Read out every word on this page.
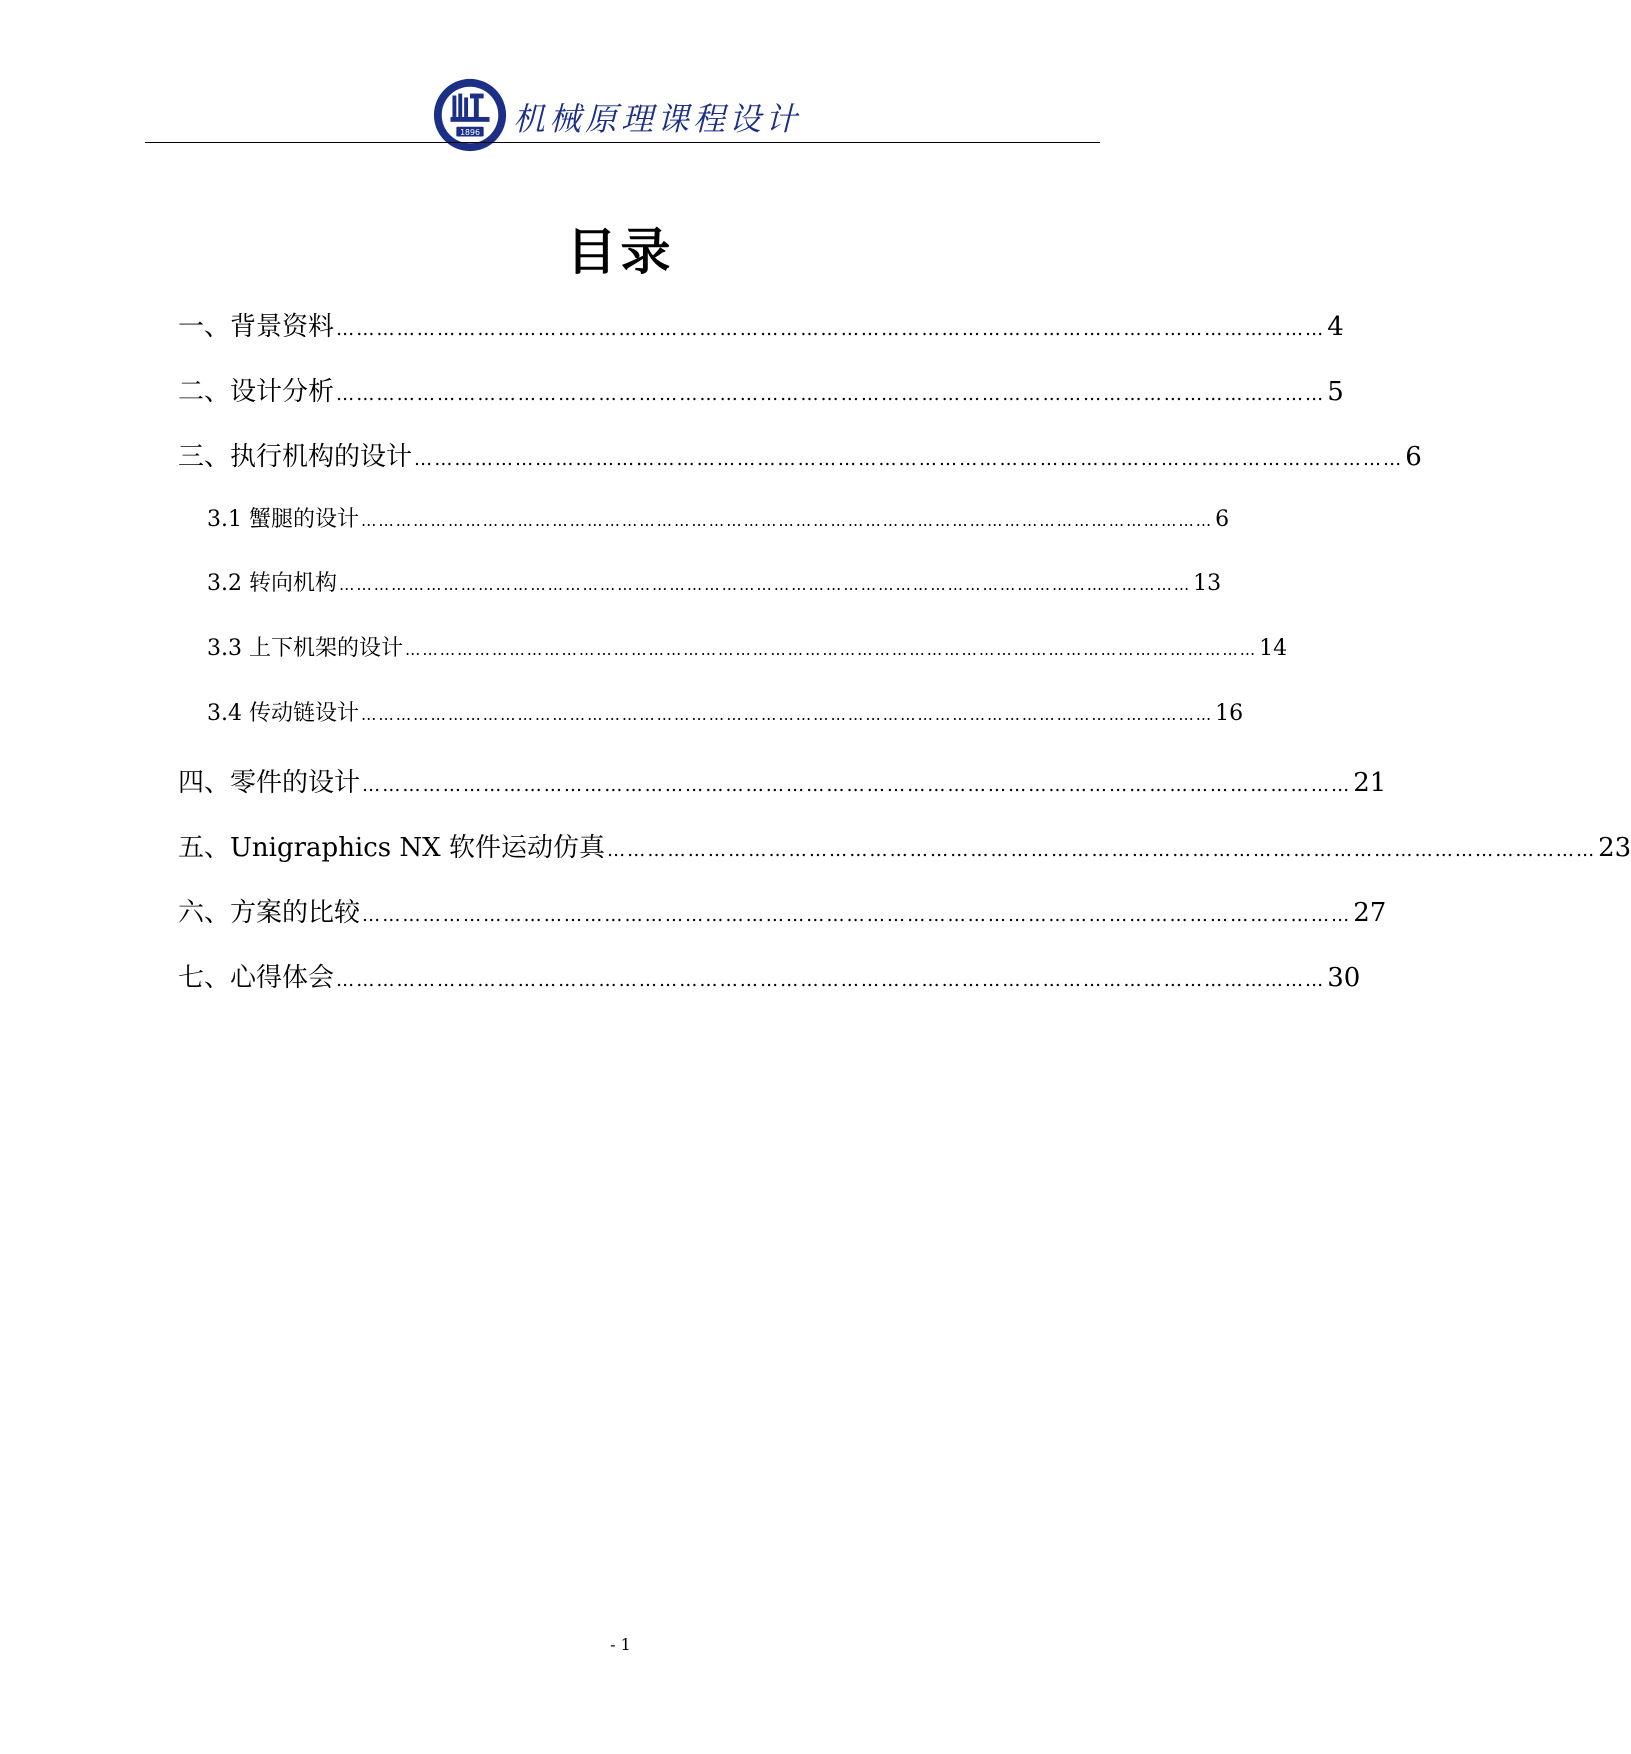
1896 机械原理课程设计
目录
一、背景资料 ………………………………………………………………………………………………………………………………… 4
二、设计分析 ………………………………………………………………………………………………………………………………… 5
三、执行机构的设计 ………………………………………………………………………………………………………………………………… 6
3.1 蟹腿的设计 ………………………………………………………………………………………………………………………………… 6
3.2 转向机构 ………………………………………………………………………………………………………………………………… 13
3.3 上下机架的设计 ………………………………………………………………………………………………………………………………… 14
3.4 传动链设计 ………………………………………………………………………………………………………………………………… 16
四、零件的设计 ………………………………………………………………………………………………………………………………… 21
五、Unigraphics NX 软件运动仿真 ………………………………………………………………………………………………………………………………… 23
六、方案的比较 ………………………………………………………………………………………………………………………………… 27
七、心得体会 ………………………………………………………………………………………………………………………………… 30
- 1
